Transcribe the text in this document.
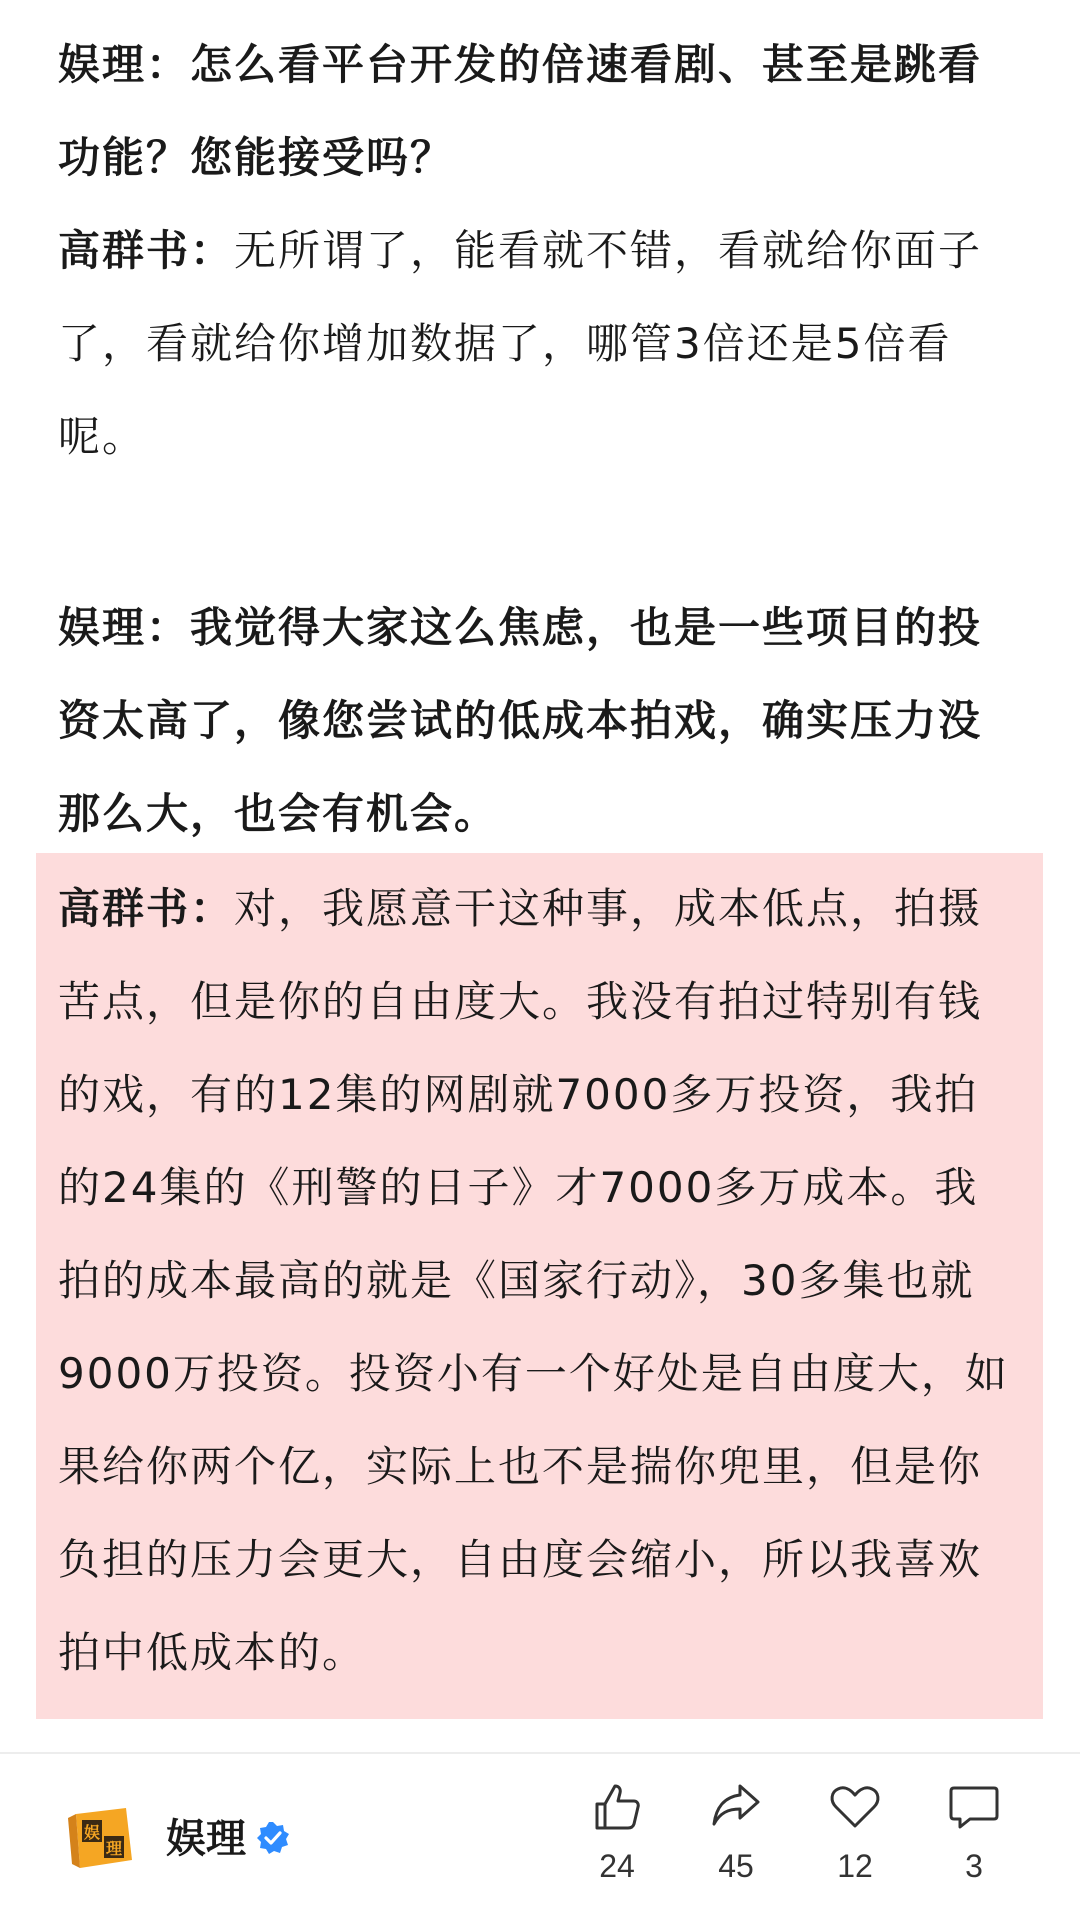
娱理：怎么看平台开发的倍速看剧、甚至是跳看功能？您能接受吗？

高群书：无所谓了，能看就不错，看就给你面子了，看就给你增加数据了，哪管3倍还是5倍看呢。

娱理：我觉得大家这么焦虑，也是一些项目的投资太高了，像您尝试的低成本拍戏，确实压力没那么大，也会有机会。

高群书：对，我愿意干这种事，成本低点，拍摄苦点，但是你的自由度大。我没有拍过特别有钱的戏，有的12集的网剧就7000多万投资，我拍的24集的《刑警的日子》才7000多万成本。我拍的成本最高的就是《国家行动》，30多集也就9000万投资。投资小有一个好处是自由度大，如果给你两个亿，实际上也不是揣你兜里，但是你负担的压力会更大，自由度会缩小，所以我喜欢拍中低成本的。

娱
理 娱理
24	45	12	3
